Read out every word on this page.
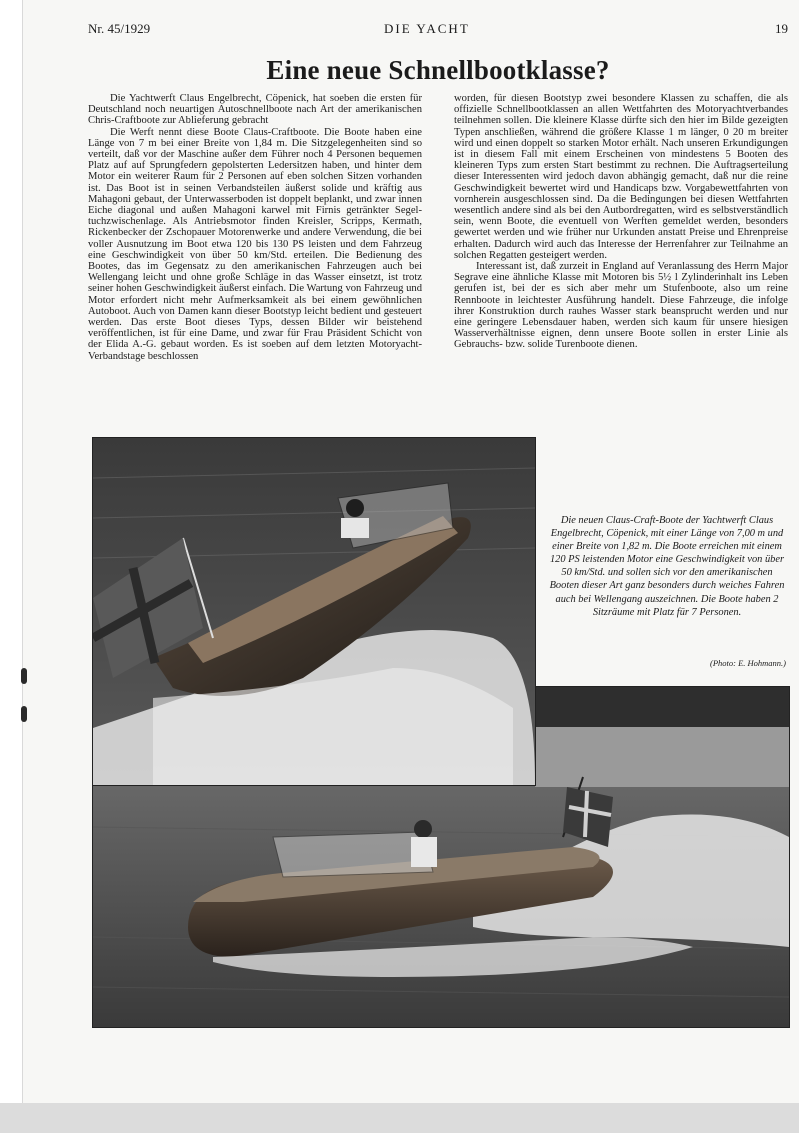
Nr. 45/1929	DIE YACHT	19
Eine neue Schnellbootklasse?

Die Yachtwerft Claus Engelbrecht, Cöpenick, hat soeben die ersten für Deutschland noch neuartigen Autoschnellboote nach Art der amerikanischen Chris-Craftboote zur Ablieferung gebracht

Die Werft nennt diese Boote Claus-Craftboote. Die Boote haben eine Länge von 7 m bei einer Breite von 1,84 m. Die Sitzgelegenheiten sind so verteilt, daß vor der Maschine außer dem Führer noch 4 Personen bequemen Platz auf auf Sprungfedern gepolsterten Ledersitzen haben, und hinter dem Motor ein weiterer Raum für 2 Personen auf eben solchen Sitzen vorhanden ist. Das Boot ist in seinen Verbandsteilen äußerst solide und kräftig aus Mahagoni gebaut, der Unterwasserboden ist doppelt beplankt, und zwar innen Eiche diagonal und außen Mahagoni karwel mit Firnis getränkter Segeltuchzwischenlage. Als Antriebsmotor finden Kreisler, Scripps, Kermath, Rickenbecker der Zschopauer Motorenwerke und andere Verwendung, die bei voller Ausnutzung im Boot etwa 120 bis 130 PS leisten und dem Fahrzeug eine Geschwindigkeit von über 50 km/Std. erteilen. Die Bedienung des Bootes, das im Gegensatz zu den amerikanischen Fahrzeugen auch bei Wellengang leicht und ohne große Schläge in das Wasser einsetzt, ist trotz seiner hohen Geschwindigkeit äußerst einfach. Die Wartung von Fahrzeug und Motor erfordert nicht mehr Aufmerksamkeit als bei einem gewöhnlichen Autoboot. Auch von Damen kann dieser Bootstyp leicht bedient und gesteuert werden. Das erste Boot dieses Typs, dessen Bilder wir beistehend veröffentlichen, ist für eine Dame, und zwar für Frau Präsident Schicht von der Elida A.-G. gebaut worden. Es ist soeben auf dem letzten Motoryacht-Verbandstage beschlossen

worden, für diesen Bootstyp zwei besondere Klassen zu schaffen, die als offizielle Schnellbootklassen an allen Wettfahrten des Motoryachtverbandes teilnehmen sollen. Die kleinere Klasse dürfte sich den hier im Bilde gezeigten Typen anschließen, während die größere Klasse 1 m länger, 0 20 m breiter wird und einen doppelt so starken Motor erhält. Nach unseren Erkundigungen ist in diesem Fall mit einem Erscheinen von mindestens 5 Booten des kleineren Typs zum ersten Start bestimmt zu rechnen. Die Auftragserteilung dieser Interessenten wird jedoch davon abhängig gemacht, daß nur die reine Geschwindigkeit bewertet wird und Handicaps bzw. Vorgabewettfahrten von vornherein ausgeschlossen sind. Da die Bedingungen bei diesen Wettfahrten wesentlich andere sind als bei den Autbordregatten, wird es selbstverständlich sein, wenn Boote, die eventuell von Werften gemeldet werden, besonders gewertet werden und wie früher nur Urkunden anstatt Preise und Ehrenpreise erhalten. Dadurch wird auch das Interesse der Herrenfahrer zur Teilnahme an solchen Regatten gesteigert werden.

Interessant ist, daß zurzeit in England auf Veranlassung des Herrn Major Segrave eine ähnliche Klasse mit Motoren bis 5½ l Zylinderinhalt ins Leben gerufen ist, bei der es sich aber mehr um Stufenboote, also um reine Rennboote in leichtester Ausführung handelt. Diese Fahrzeuge, die infolge ihrer Konstruktion durch rauhes Wasser stark beansprucht werden und nur eine geringere Lebensdauer haben, werden sich kaum für unsere hiesigen Wasserverhältnisse eignen, denn unsere Boote sollen in erster Linie als Gebrauchs- bzw. solide Turenboote dienen.

Die neuen Claus-Craft-Boote der Yachtwerft Claus Engelbrecht, Cöpenick, mit einer Länge von 7,00 m und einer Breite von 1,82 m. Die Boote erreichen mit einem 120 PS leistenden Motor eine Geschwindigkeit von über 50 km/Std. und sollen sich vor den amerikanischen Booten dieser Art ganz besonders durch weiches Fahren auch bei Wellengang auszeichnen. Die Boote haben 2 Sitzräume mit Platz für 7 Personen.
(Photo: E. Hohmann.)
